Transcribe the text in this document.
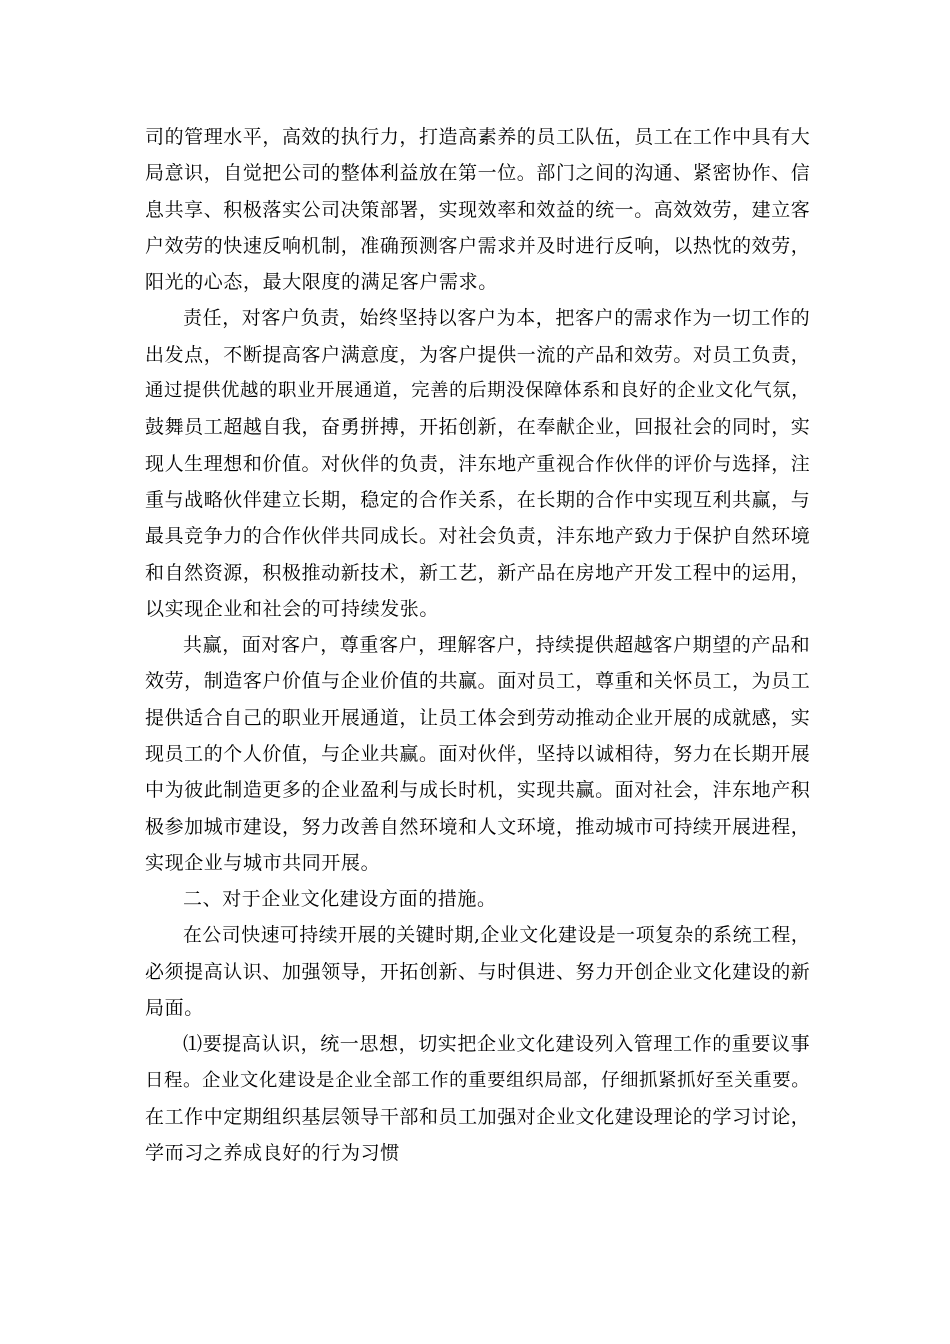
司的管理水平，高效的执行力，打造高素养的员工队伍，员工在工作中具有大
局意识，自觉把公司的整体利益放在第一位。部门之间的沟通、紧密协作、信
息共享、积极落实公司决策部署，实现效率和效益的统一。高效效劳，建立客
户效劳的快速反响机制，准确预测客户需求并及时进行反响，以热忱的效劳，
阳光的心态，最大限度的满足客户需求。
责任，对客户负责，始终坚持以客户为本，把客户的需求作为一切工作的
出发点，不断提高客户满意度，为客户提供一流的产品和效劳。对员工负责，
通过提供优越的职业开展通道，完善的后期没保障体系和良好的企业文化气氛，
鼓舞员工超越自我，奋勇拼搏，开拓创新，在奉献企业，回报社会的同时，实
现人生理想和价值。对伙伴的负责，沣东地产重视合作伙伴的评价与选择，注
重与战略伙伴建立长期，稳定的合作关系，在长期的合作中实现互利共赢，与
最具竞争力的合作伙伴共同成长。对社会负责，沣东地产致力于保护自然环境
和自然资源，积极推动新技术，新工艺，新产品在房地产开发工程中的运用，
以实现企业和社会的可持续发张。
共赢，面对客户，尊重客户，理解客户，持续提供超越客户期望的产品和
效劳，制造客户价值与企业价值的共赢。面对员工，尊重和关怀员工，为员工
提供适合自己的职业开展通道，让员工体会到劳动推动企业开展的成就感，实
现员工的个人价值，与企业共赢。面对伙伴，坚持以诚相待，努力在长期开展
中为彼此制造更多的企业盈利与成长时机，实现共赢。面对社会，沣东地产积
极参加城市建设，努力改善自然环境和人文环境，推动城市可持续开展进程，
实现企业与城市共同开展。
二、对于企业文化建设方面的措施。
在公司快速可持续开展的关键时期,企业文化建设是一项复杂的系统工程，
必须提高认识、加强领导，开拓创新、与时俱进、努力开创企业文化建设的新
局面。
⑴要提高认识，统一思想，切实把企业文化建设列入管理工作的重要议事
日程。企业文化建设是企业全部工作的重要组织局部，仔细抓紧抓好至关重要。
在工作中定期组织基层领导干部和员工加强对企业文化建设理论的学习讨论，
学而习之养成良好的行为习惯
